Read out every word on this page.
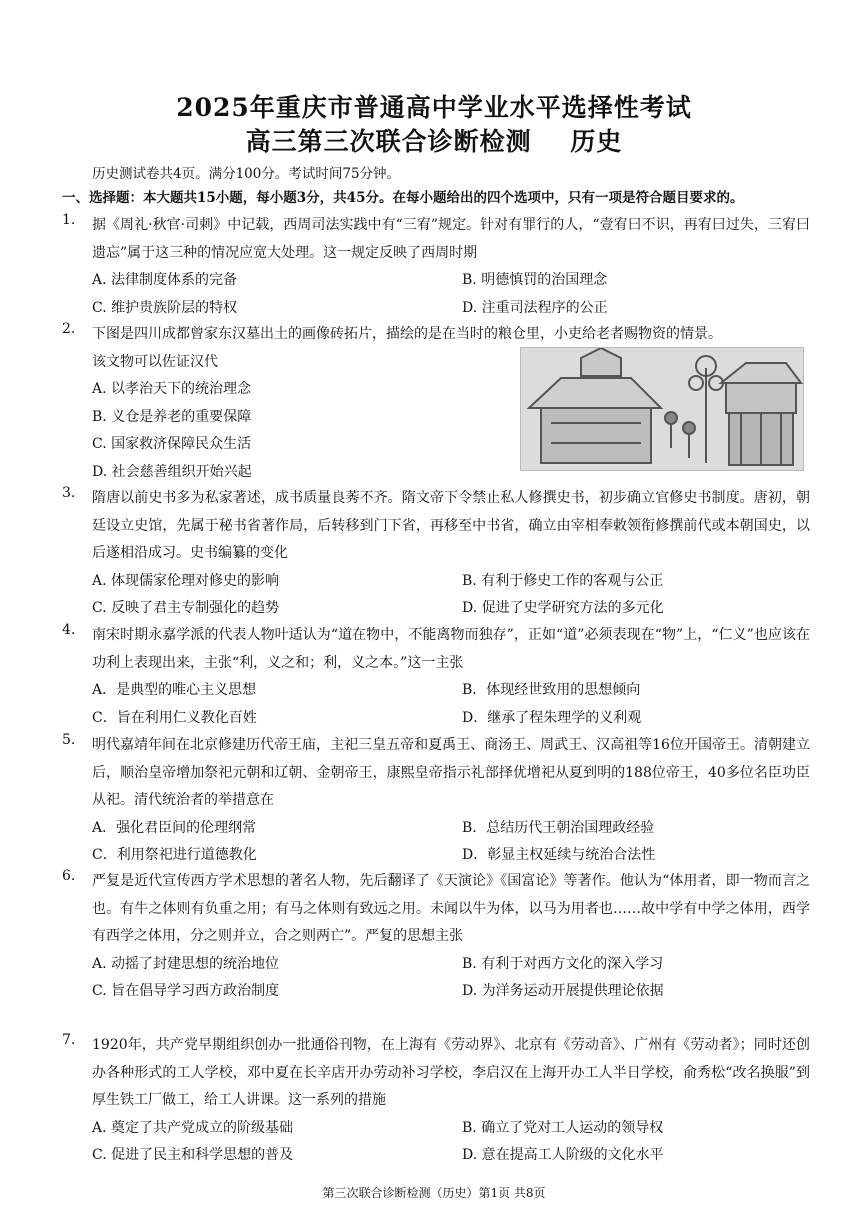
2025年重庆市普通高中学业水平选择性考试
高三第三次联合诊断检测    历史
历史测试卷共4页。满分100分。考试时间75分钟。
一、选择题：本大题共15小题，每小题3分，共45分。在每小题给出的四个选项中，只有一项是符合题目要求的。
1.	据《周礼·秋官·司刺》中记载，西周司法实践中有“三宥”规定。针对有罪行的人，“壹宥曰不识，再宥曰过失，三宥曰遗忘”属于这三种的情况应宽大处理。这一规定反映了西周时期
A. 法律制度体系的完备	B. 明德慎罚的治国理念
C. 维护贵族阶层的特权	D. 注重司法程序的公正
2.	下图是四川成都曾家东汉墓出土的画像砖拓片，描绘的是在当时的粮仓里，小吏给老者赐物资的情景。
该文物可以佐证汉代
A. 以孝治天下的统治理念
B. 义仓是养老的重要保障
C. 国家救济保障民众生活
D. 社会慈善组织开始兴起
3.	隋唐以前史书多为私家著述，成书质量良莠不齐。隋文帝下令禁止私人修撰史书，初步确立官修史书制度。唐初，朝廷设立史馆，先属于秘书省著作局，后转移到门下省，再移至中书省，确立由宰相奉敕领衔修撰前代或本朝国史，以后遂相沿成习。史书编纂的变化
A. 体现儒家伦理对修史的影响	B. 有利于修史工作的客观与公正
C. 反映了君主专制强化的趋势	D. 促进了史学研究方法的多元化
4.	南宋时期永嘉学派的代表人物叶适认为“道在物中，不能离物而独存”，正如“道”必须表现在“物”上，“仁义”也应该在功利上表现出来，主张“利，义之和；利，义之本。”这一主张
A．是典型的唯心主义思想	B．体现经世致用的思想倾向
C．旨在利用仁义教化百姓	D．继承了程朱理学的义利观
5.	明代嘉靖年间在北京修建历代帝王庙，主祀三皇五帝和夏禹王、商汤王、周武王、汉高祖等16位开国帝王。清朝建立后，顺治皇帝增加祭祀元朝和辽朝、金朝帝王，康熙皇帝指示礼部择优增祀从夏到明的188位帝王，40多位名臣功臣从祀。清代统治者的举措意在
A．强化君臣间的伦理纲常	B．总结历代王朝治国理政经验
C．利用祭祀进行道德教化	D．彰显主权延续与统治合法性
6.	严复是近代宣传西方学术思想的著名人物，先后翻译了《天演论》《国富论》等著作。他认为“体用者，即一物而言之也。有牛之体则有负重之用；有马之体则有致远之用。未闻以牛为体，以马为用者也……故中学有中学之体用，西学有西学之体用，分之则并立，合之则两亡”。严复的思想主张
A. 动摇了封建思想的统治地位	B. 有利于对西方文化的深入学习
C. 旨在倡导学习西方政治制度	D. 为洋务运动开展提供理论依据
7.	1920年，共产党早期组织创办一批通俗刊物，在上海有《劳动界》、北京有《劳动音》、广州有《劳动者》；同时还创办各种形式的工人学校，邓中夏在长辛店开办劳动补习学校，李启汉在上海开办工人半日学校，俞秀松“改名换服”到厚生铁工厂做工，给工人讲课。这一系列的措施
A. 奠定了共产党成立的阶级基础	B. 确立了党对工人运动的领导权
C. 促进了民主和科学思想的普及	D. 意在提高工人阶级的文化水平
第三次联合诊断检测（历史）第1页 共8页
